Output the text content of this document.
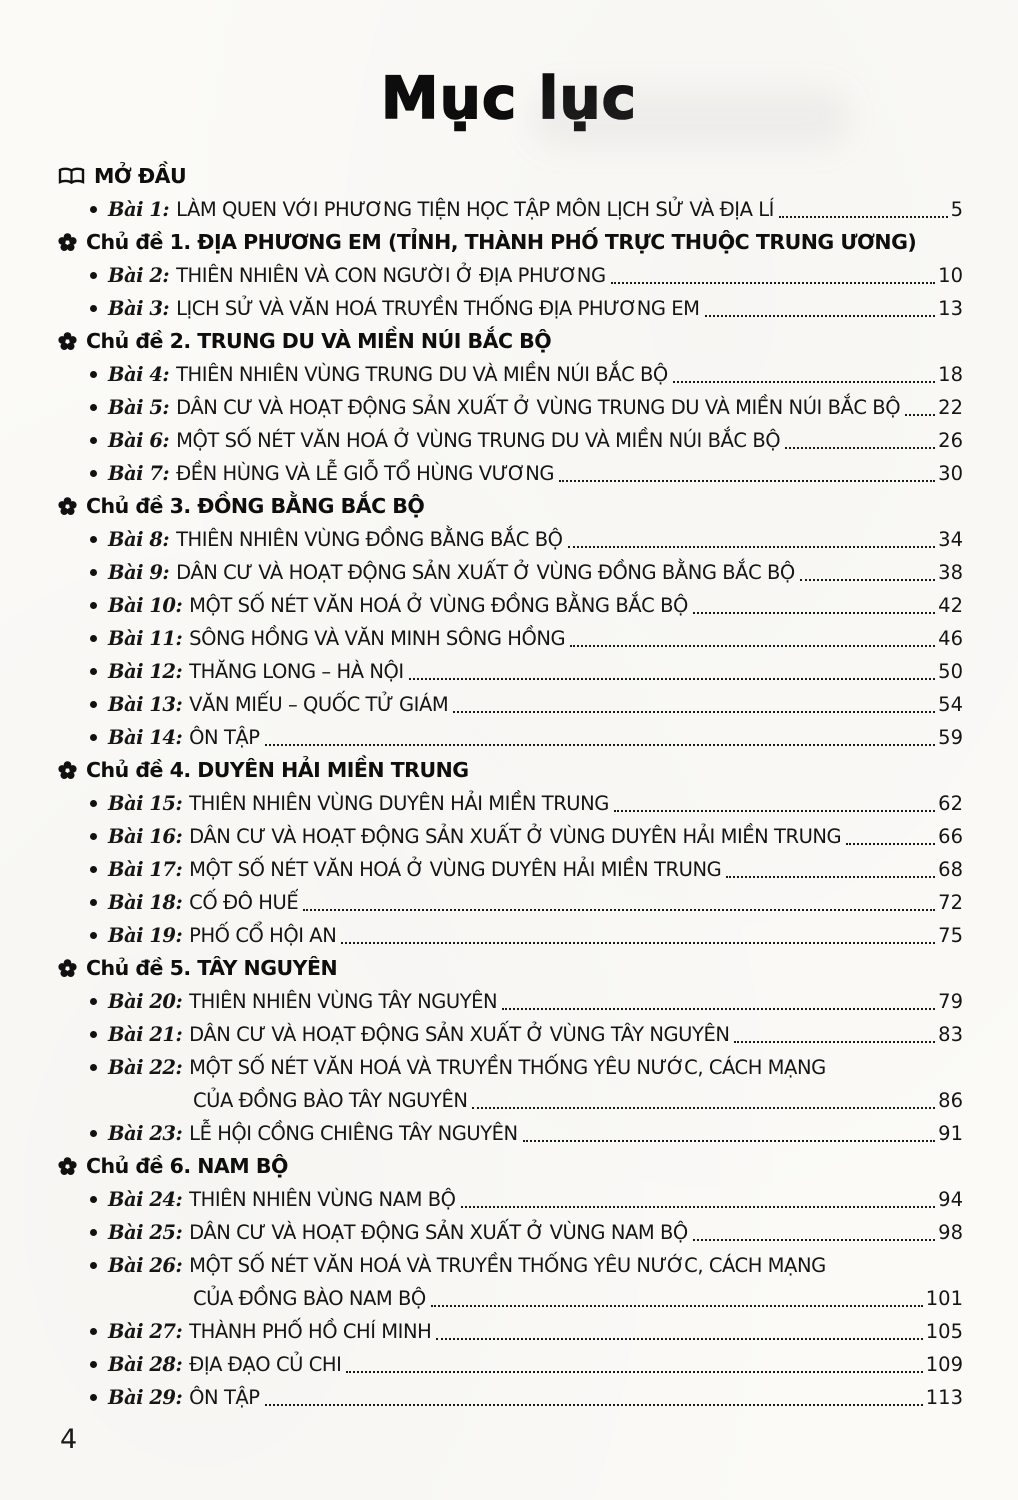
Mục lục
MỞ ĐẦU
Bài 1: LÀM QUEN VỚI PHƯƠNG TIỆN HỌC TẬP MÔN LỊCH SỬ VÀ ĐỊA LÍ	5
Chủ đề 1. ĐỊA PHƯƠNG EM (TỈNH, THÀNH PHỐ TRỰC THUỘC TRUNG ƯƠNG)
Bài 2: THIÊN NHIÊN VÀ CON NGƯỜI Ở ĐỊA PHƯƠNG	10
Bài 3: LỊCH SỬ VÀ VĂN HOÁ TRUYỀN THỐNG ĐỊA PHƯƠNG EM	13
Chủ đề 2. TRUNG DU VÀ MIỀN NÚI BẮC BỘ
Bài 4: THIÊN NHIÊN VÙNG TRUNG DU VÀ MIỀN NÚI BẮC BỘ	18
Bài 5: DÂN CƯ VÀ HOẠT ĐỘNG SẢN XUẤT Ở VÙNG TRUNG DU VÀ MIỀN NÚI BẮC BỘ 22
Bài 6: MỘT SỐ NÉT VĂN HOÁ Ở VÙNG TRUNG DU VÀ MIỀN NÚI BẮC BỘ	26
Bài 7: ĐỀN HÙNG VÀ LỄ GIỖ TỔ HÙNG VƯƠNG	30
Chủ đề 3. ĐỒNG BẰNG BẮC BỘ
Bài 8: THIÊN NHIÊN VÙNG ĐỒNG BẰNG BẮC BỘ	34
Bài 9: DÂN CƯ VÀ HOẠT ĐỘNG SẢN XUẤT Ở VÙNG ĐỒNG BẰNG BẮC BỘ	38
Bài 10: MỘT SỐ NÉT VĂN HOÁ Ở VÙNG ĐỒNG BẰNG BẮC BỘ	42
Bài 11: SÔNG HỒNG VÀ VĂN MINH SÔNG HỒNG	46
Bài 12: THĂNG LONG – HÀ NỘI	50
Bài 13: VĂN MIẾU – QUỐC TỬ GIÁM	54
Bài 14: ÔN TẬP	59
Chủ đề 4. DUYÊN HẢI MIỀN TRUNG
Bài 15: THIÊN NHIÊN VÙNG DUYÊN HẢI MIỀN TRUNG	62
Bài 16: DÂN CƯ VÀ HOẠT ĐỘNG SẢN XUẤT Ở VÙNG DUYÊN HẢI MIỀN TRUNG	66
Bài 17: MỘT SỐ NÉT VĂN HOÁ Ở VÙNG DUYÊN HẢI MIỀN TRUNG	68
Bài 18: CỐ ĐÔ HUẾ	72
Bài 19: PHỐ CỔ HỘI AN	75
Chủ đề 5. TÂY NGUYÊN
Bài 20: THIÊN NHIÊN VÙNG TÂY NGUYÊN	79
Bài 21: DÂN CƯ VÀ HOẠT ĐỘNG SẢN XUẤT Ở VÙNG TÂY NGUYÊN	83
Bài 22: MỘT SỐ NÉT VĂN HOÁ VÀ TRUYỀN THỐNG YÊU NƯỚC, CÁCH MẠNG
CỦA ĐỒNG BÀO TÂY NGUYÊN	86
Bài 23: LỄ HỘI CỒNG CHIÊNG TÂY NGUYÊN	91
Chủ đề 6. NAM BỘ
Bài 24: THIÊN NHIÊN VÙNG NAM BỘ	94
Bài 25: DÂN CƯ VÀ HOẠT ĐỘNG SẢN XUẤT Ở VÙNG NAM BỘ	98
Bài 26: MỘT SỐ NÉT VĂN HOÁ VÀ TRUYỀN THỐNG YÊU NƯỚC, CÁCH MẠNG
CỦA ĐỒNG BÀO NAM BỘ	101
Bài 27: THÀNH PHỐ HỒ CHÍ MINH	105
Bài 28: ĐỊA ĐẠO CỦ CHI	109
Bài 29: ÔN TẬP	113
4
